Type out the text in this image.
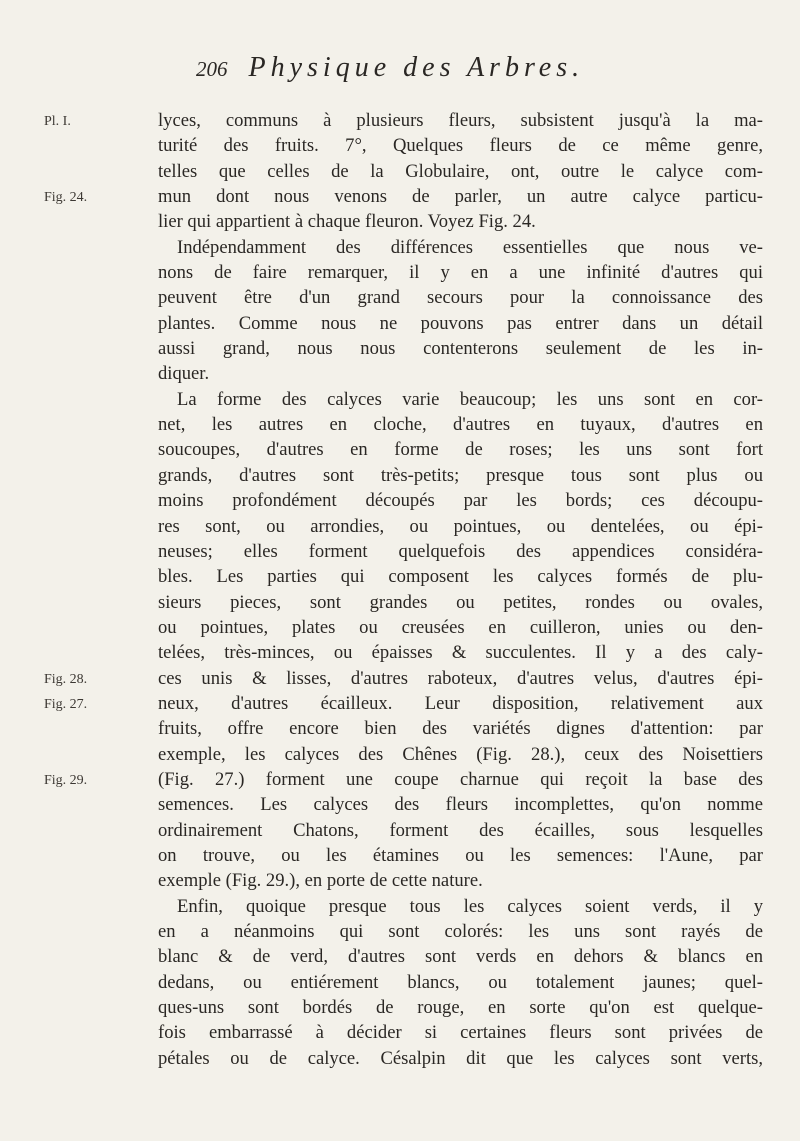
206 Physique des Arbres.
Pl. I.
Fig. 24.
Fig. 28.
Fig. 27.
Fig. 29.
lyces, communs à plusieurs fleurs, subsistent jusqu'à la ma-
turité des fruits. 7°, Quelques fleurs de ce même genre,
telles que celles de la Globulaire, ont, outre le calyce com-
mun dont nous venons de parler, un autre calyce particu-
lier qui appartient à chaque fleuron. Voyez Fig. 24.
Indépendamment des différences essentielles que nous ve-
nons de faire remarquer, il y en a une infinité d'autres qui
peuvent être d'un grand secours pour la connoissance des
plantes. Comme nous ne pouvons pas entrer dans un détail
aussi grand, nous nous contenterons seulement de les in-
diquer.
La forme des calyces varie beaucoup; les uns sont en cor-
net, les autres en cloche, d'autres en tuyaux, d'autres en
soucoupes, d'autres en forme de roses; les uns sont fort
grands, d'autres sont très-petits; presque tous sont plus ou
moins profondément découpés par les bords; ces découpu-
res sont, ou arrondies, ou pointues, ou dentelées, ou épi-
neuses; elles forment quelquefois des appendices considéra-
bles. Les parties qui composent les calyces formés de plu-
sieurs pieces, sont grandes ou petites, rondes ou ovales,
ou pointues, plates ou creusées en cuilleron, unies ou den-
telées, très-minces, ou épaisses & succulentes. Il y a des caly-
ces unis & lisses, d'autres raboteux, d'autres velus, d'autres épi-
neux, d'autres écailleux. Leur disposition, relativement aux
fruits, offre encore bien des variétés dignes d'attention: par
exemple, les calyces des Chênes (Fig. 28.), ceux des Noisettiers
(Fig. 27.) forment une coupe charnue qui reçoit la base des
semences. Les calyces des fleurs incomplettes, qu'on nomme
ordinairement Chatons, forment des écailles, sous lesquelles
on trouve, ou les étamines ou les semences: l'Aune, par
exemple (Fig. 29.), en porte de cette nature.
Enfin, quoique presque tous les calyces soient verds, il y
en a néanmoins qui sont colorés: les uns sont rayés de
blanc & de verd, d'autres sont verds en dehors & blancs en
dedans, ou entiérement blancs, ou totalement jaunes; quel-
ques-uns sont bordés de rouge, en sorte qu'on est quelque-
fois embarrassé à décider si certaines fleurs sont privées de
pétales ou de calyce. Césalpin dit que les calyces sont verts,
